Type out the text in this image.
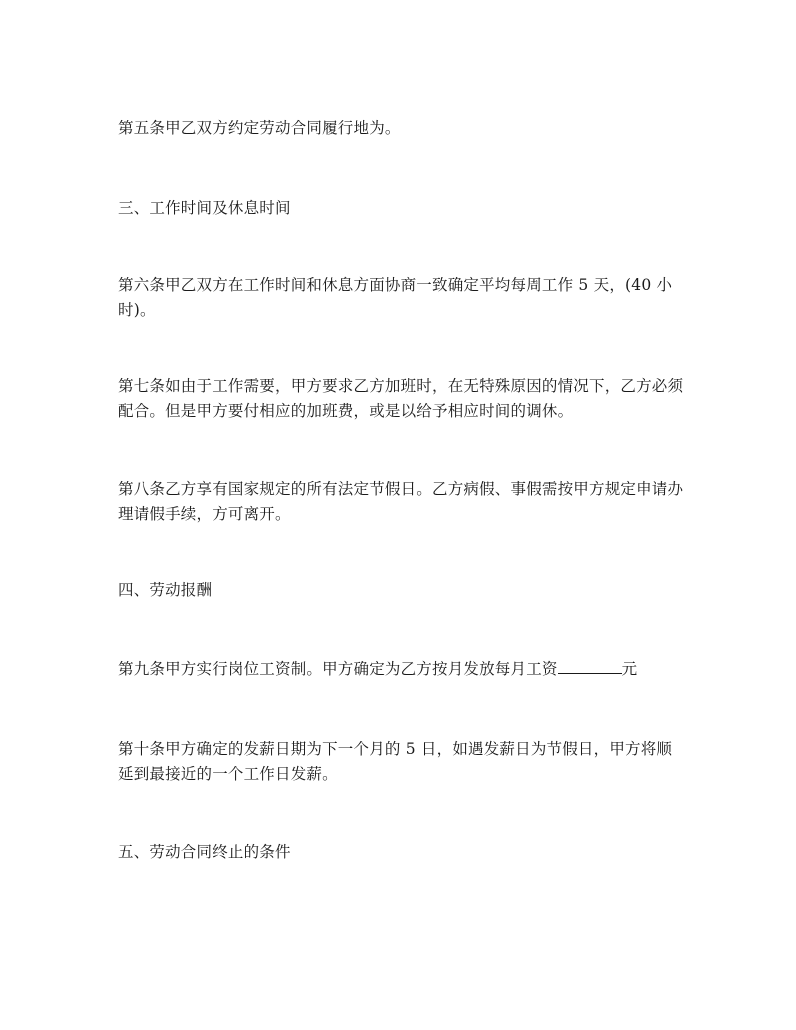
第五条甲乙双方约定劳动合同履行地为。

三、工作时间及休息时间

第六条甲乙双方在工作时间和休息方面协商一致确定平均每周工作 5 天，(40 小时)。

第七条如由于工作需要，甲方要求乙方加班时，在无特殊原因的情况下，乙方必须配合。但是甲方要付相应的加班费，或是以给予相应时间的调休。

第八条乙方享有国家规定的所有法定节假日。乙方病假、事假需按甲方规定申请办理请假手续，方可离开。

四、劳动报酬

第九条甲方实行岗位工资制。甲方确定为乙方按月发放每月工资	元

第十条甲方确定的发薪日期为下一个月的 5 日，如遇发薪日为节假日，甲方将顺延到最接近的一个工作日发薪。

五、劳动合同终止的条件
